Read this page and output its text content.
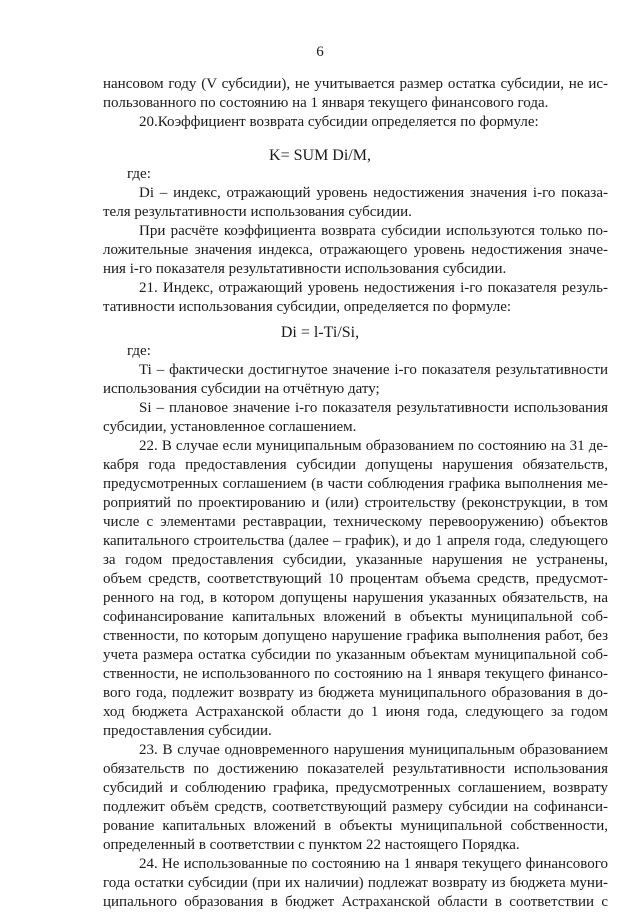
6

нансовом году (V субсидии), не учитывается размер остатка субсидии, не ис-

пользованного по состоянию на 1 января текущего финансового года.

20.Коэффициент возврата субсидии определяется по формуле:

K= SUM Di/M,

где:

Di – индекс, отражающий уровень недостижения значения i-го показа-

теля результативности использования субсидии.

При расчёте коэффициента возврата субсидии используются только по-

ложительные значения индекса, отражающего уровень недостижения значе-

ния i-го показателя результативности использования субсидии.

21. Индекс, отражающий уровень недостижения i-го показателя резуль-

тативности использования субсидии, определяется по формуле:

Di = l-Ti/Si,

где:

Ti – фактически достигнутое значение i-го показателя результативности

использования субсидии на отчётную дату;

Si – плановое значение i-го показателя результативности использования

субсидии, установленное соглашением.

22. В случае если муниципальным образованием по состоянию на 31 де-

кабря года предоставления субсидии допущены нарушения обязательств,

предусмотренных соглашением (в части соблюдения графика выполнения ме-

роприятий по проектированию и (или) строительству (реконструкции, в том

числе с элементами реставрации, техническому перевооружению) объектов

капитального строительства (далее – график), и до 1 апреля года, следующего

за годом предоставления субсидии, указанные нарушения не устранены,

объем средств, соответствующий 10 процентам объема средств, предусмот-

ренного на год, в котором допущены нарушения указанных обязательств, на

софинансирование капитальных вложений в объекты муниципальной соб-

ственности, по которым допущено нарушение графика выполнения работ, без

учета размера остатка субсидии по указанным объектам муниципальной соб-

ственности, не использованного по состоянию на 1 января текущего финансо-

вого года, подлежит возврату из бюджета муниципального образования в до-

ход бюджета Астраханской области до 1 июня года, следующего за годом

предоставления субсидии.

23. В случае одновременного нарушения муниципальным образованием

обязательств по достижению показателей результативности использования

субсидий и соблюдению графика, предусмотренных соглашением, возврату

подлежит объём средств, соответствующий размеру субсидии на софинанси-

рование капитальных вложений в объекты муниципальной собственности,

определенный в соответствии с пунктом 22 настоящего Порядка.

24. Не использованные по состоянию на 1 января текущего финансового

года остатки субсидии (при их наличии) подлежат возврату из бюджета муни-

ципального образования в бюджет Астраханской области в соответствии с
